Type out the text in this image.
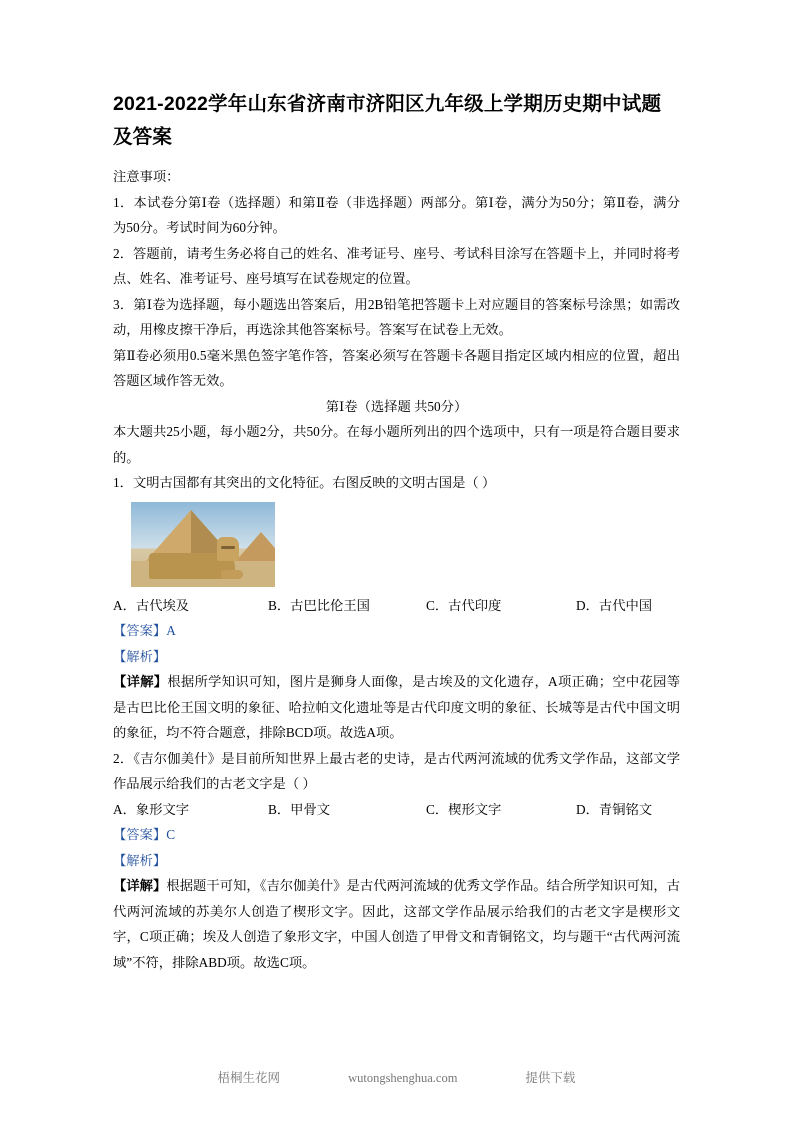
2021-2022学年山东省济南市济阳区九年级上学期历史期中试题及答案

注意事项：

1．本试卷分第Ⅰ卷（选择题）和第Ⅱ卷（非选择题）两部分。第Ⅰ卷，满分为50分；第Ⅱ卷，满分为50分。考试时间为60分钟。

2．答题前，请考生务必将自己的姓名、准考证号、座号、考试科目涂写在答题卡上，并同时将考点、姓名、准考证号、座号填写在试卷规定的位置。

3．第Ⅰ卷为选择题，每小题选出答案后，用2B铅笔把答题卡上对应题目的答案标号涂黑；如需改动，用橡皮擦干净后，再选涂其他答案标号。答案写在试卷上无效。

第Ⅱ卷必须用0.5毫米黑色签字笔作答，答案必须写在答题卡各题目指定区域内相应的位置，超出答题区域作答无效。

第Ⅰ卷（选择题 共50分）

本大题共25小题，每小题2分，共50分。在每小题所列出的四个选项中，只有一项是符合题目要求的。

1．文明古国都有其突出的文化特征。右图反映的文明古国是（ ）

A．古代埃及	B．古巴比伦王国	C．古代印度	D．古代中国

【答案】A

【解析】

【详解】根据所学知识可知，图片是狮身人面像，是古埃及的文化遗存，A项正确；空中花园等是古巴比伦王国文明的象征、哈拉帕文化遗址等是古代印度文明的象征、长城等是古代中国文明的象征，均不符合题意，排除BCD项。故选A项。

2．《吉尔伽美什》是目前所知世界上最古老的史诗，是古代两河流域的优秀文学作品，这部文学作品展示给我们的古老文字是（ ）

A．象形文字	B．甲骨文	C．楔形文字	D．青铜铭文

【答案】C

【解析】

【详解】根据题干可知，《吉尔伽美什》是古代两河流域的优秀文学作品。结合所学知识可知，古代两河流域的苏美尔人创造了楔形文字。因此，这部文学作品展示给我们的古老文字是楔形文字，C项正确；埃及人创造了象形文字，中国人创造了甲骨文和青铜铭文，均与题干“古代两河流域”不符，排除ABD项。故选C项。

梧桐生花网	wutongshenghua.com	提供下载
